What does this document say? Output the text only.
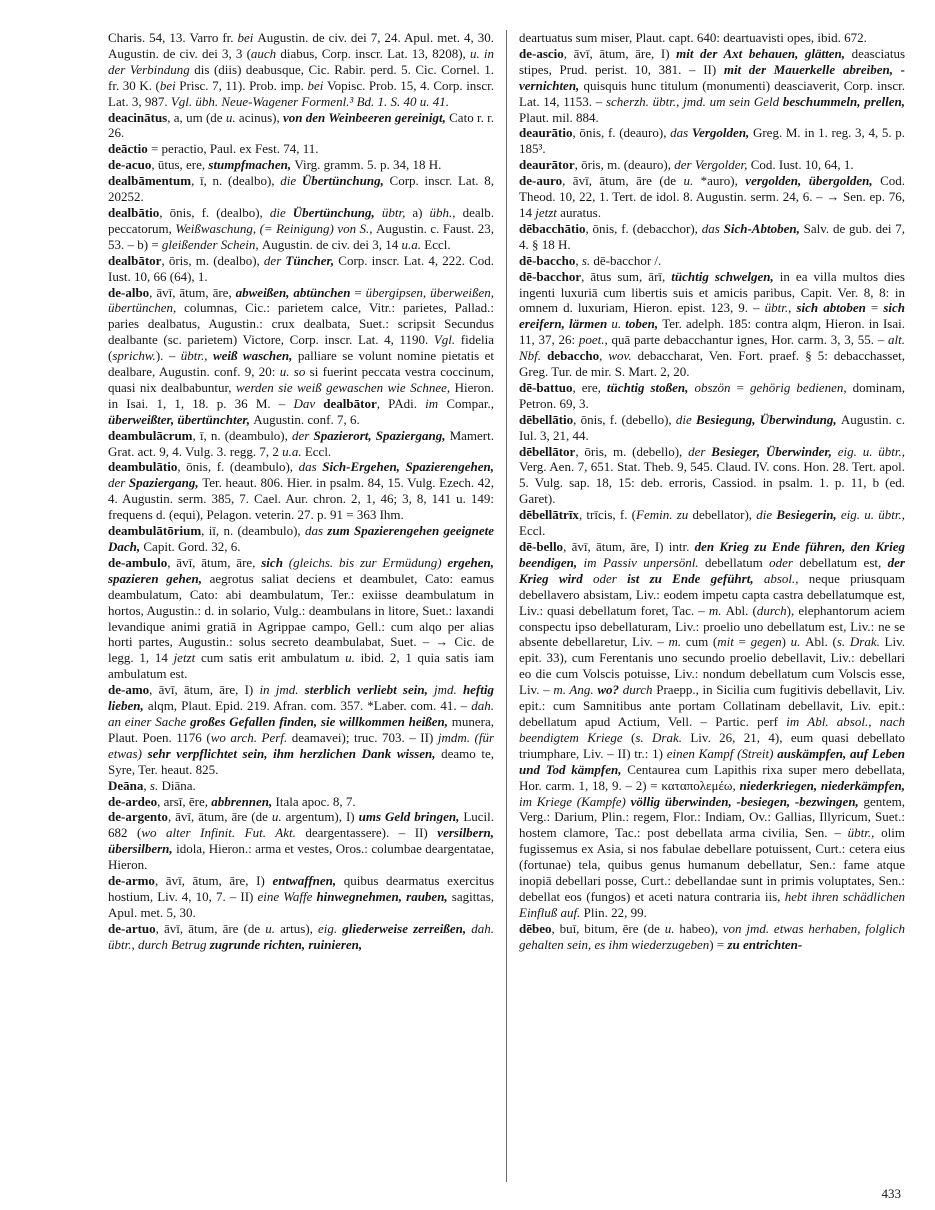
Charis. 54, 13. Varro fr. bei Augustin. de civ. dei 7, 24. Apul. met. 4, 30. Augustin. de civ. dei 3, 3 (auch diabus, Corp. inscr. Lat. 13, 8208), u. in der Verbindung dis (diis) deabusque, Cic. Rabir. perd. 5. Cic. Cornel. 1. fr. 30 K. (bei Prisc. 7, 11). Prob. imp. bei Vopisc. Prob. 15, 4. Corp. inscr. Lat. 3, 987. Vgl. übh. Neue-Wagener Formenl.³ Bd. 1. S. 40 u. 41.

deacinātus, a, um (de u. acinus), von den Weinbeeren gereinigt, Cato r. r. 26.

deāctio = peractio, Paul. ex Fest. 74, 11.

de-acuo, ūtus, ere, stumpfmachen, Virg. gramm. 5. p. 34, 18 H.

dealbāmentum, ī, n. (dealbo), die Übertünchung, Corp. inscr. Lat. 8, 20252.

dealbātio, ōnis, f. (dealbo), die Übertünchung, übtr, a) übh., dealb. peccatorum, Weißwaschung, (= Reinigung) von S., Augustin. c. Faust. 23, 53. – b) = gleißender Schein, Augustin. de civ. dei 3, 14 u.a. Eccl.

dealbātor, ōris, m. (dealbo), der Tüncher, Corp. inscr. Lat. 4, 222. Cod. Iust. 10, 66 (64), 1.

de-albo, āvī, ātum, āre, abweißen, abtünchen = übergipsen, überweißen, übertünchen, columnas, Cic.: parietem calce, Vitr.: parietes, Pallad.: paries dealbatus, Augustin.: crux dealbata, Suet.: scripsit Secundus dealbante (sc. parietem) Victore, Corp. inscr. Lat. 4, 1190. Vgl. fidelia (sprichw.). – übtr., weiß waschen, palliare se volunt nomine pietatis et dealbare, Augustin. conf. 9, 20: u. so si fuerint peccata vestra coccinum, quasi nix dealbabuntur, werden sie weiß gewaschen wie Schnee, Hieron. in Isai. 1, 1, 18. p. 36 M. – Dav dealbātor, PAdi. im Compar., überweißter, übertünchter, Augustin. conf. 7, 6.

deambulācrum, ī, n. (deambulo), der Spazierort, Spaziergang, Mamert. Grat. act. 9, 4. Vulg. 3. regg. 7, 2 u.a. Eccl.

deambulātio, ōnis, f. (deambulo), das Sich-Ergehen, Spazierengehen, der Spaziergang, Ter. heaut. 806. Hier. in psalm. 84, 15. Vulg. Ezech. 42, 4. Augustin. serm. 385, 7. Cael. Aur. chron. 2, 1, 46; 3, 8, 141 u. 149: frequens d. (equi), Pelagon. veterin. 27. p. 91 = 363 Ihm.

deambulātōrium, iī, n. (deambulo), das zum Spazierengehen geeignete Dach, Capit. Gord. 32, 6.

de-ambulo, āvī, ātum, āre, sich (gleichs. bis zur Ermüdung) ergehen, spazieren gehen, aegrotus saliat deciens et deambulet, Cato: eamus deambulatum, Cato: abi deambulatum, Ter.: exiisse deambulatum in hortos, Augustin.: d. in solario, Vulg.: deambulans in litore, Suet.: laxandi levandique animi gratiā in Agrippae campo, Gell.: cum alqo per alias horti partes, Augustin.: solus secreto deambulabat, Suet. – → Cic. de legg. 1, 14 jetzt cum satis erit ambulatum u. ibid. 2, 1 quia satis iam ambulatum est.

de-amo, āvī, ātum, āre, I) in jmd. sterblich verliebt sein, jmd. heftig lieben, alqm, Plaut. Epid. 219. Afran. com. 357. *Laber. com. 41. – dah. an einer Sache großes Gefallen finden, sie willkommen heißen, munera, Plaut. Poen. 1176 (wo arch. Perf. deamavei); truc. 703. – II) jmdm. (für etwas) sehr verpflichtet sein, ihm herzlichen Dank wissen, deamo te, Syre, Ter. heaut. 825.

Deāna, s. Diāna.

de-ardeo, arsī, ēre, abbrennen, Itala apoc. 8, 7.

de-argento, āvī, ātum, āre (de u. argentum), I) ums Geld bringen, Lucil. 682 (wo alter Infinit. Fut. Akt. deargentassere). – II) versilbern, übersilbern, idola, Hieron.: arma et vestes, Oros.: columbae deargentatae, Hieron.

de-armo, āvī, ātum, āre, I) entwaffnen, quibus dearmatus exercitus hostium, Liv. 4, 10, 7. – II) eine Waffe hinwegnehmen, rauben, sagittas, Apul. met. 5, 30.

de-artuo, āvī, ātum, āre (de u. artus), eig. gliederweise zerreißen, dah. übtr., durch Betrug zugrunde richten, ruinieren,

deartuatus sum miser, Plaut. capt. 640: deartuavisti opes, ibid. 672.

de-ascio, āvī, ātum, āre, I) mit der Axt behauen, glätten, deasciatus stipes, Prud. perist. 10, 381. – II) mit der Mauerkelle abreiben, -vernichten, quisquis hunc titulum (monumenti) deasciaverit, Corp. inscr. Lat. 14, 1153. – scherzh. übtr., jmd. um sein Geld beschummeln, prellen, Plaut. mil. 884.

deaurātio, ōnis, f. (deauro), das Vergolden, Greg. M. in 1. reg. 3, 4, 5. p. 185³.

deaurātor, ōris, m. (deauro), der Vergolder, Cod. Iust. 10, 64, 1.

de-auro, āvī, ātum, āre (de u. *auro), vergolden, übergolden, Cod. Theod. 10, 22, 1. Tert. de idol. 8. Augustin. serm. 24, 6. – → Sen. ep. 76, 14 jetzt auratus.

dēbacchātio, ōnis, f. (debacchor), das Sich-Abtoben, Salv. de gub. dei 7, 4. § 18 H.

dē-baccho, s. dē-bacchor /.

dē-bacchor, ātus sum, ārī, tüchtig schwelgen, in ea villa multos dies ingenti luxuriā cum libertis suis et amicis paribus, Capit. Ver. 8, 8: in omnem d. luxuriam, Hieron. epist. 123, 9. – übtr., sich abtoben = sich ereifern, lärmen u. toben, Ter. adelph. 185: contra alqm, Hieron. in Isai. 11, 37, 26: poet., quā parte debacchantur ignes, Hor. carm. 3, 3, 55. – alt. Nbf. debaccho, wov. debaccharat, Ven. Fort. praef. § 5: debacchasset, Greg. Tur. de mir. S. Mart. 2, 20.

dē-battuo, ere, tüchtig stoßen, obszön = gehörig bedienen, dominam, Petron. 69, 3.

dēbellātio, ōnis, f. (debello), die Besiegung, Überwindung, Augustin. c. Iul. 3, 21, 44.

dēbellātor, ōris, m. (debello), der Besieger, Überwinder, eig. u. übtr., Verg. Aen. 7, 651. Stat. Theb. 9, 545. Claud. IV. cons. Hon. 28. Tert. apol. 5. Vulg. sap. 18, 15: deb. erroris, Cassiod. in psalm. 1. p. 11, b (ed. Garet).

dēbellātrīx, trīcis, f. (Femin. zu debellator), die Besiegerin, eig. u. übtr., Eccl.

dē-bello, āvī, ātum, āre, I) intr. den Krieg zu Ende führen, den Krieg beendigen, im Passiv unpersönl. debellatum oder debellatum est, der Krieg wird oder ist zu Ende geführt, absol., neque priusquam debellavero absistam, Liv.: eodem impetu capta castra debellatumque est, Liv.: quasi debellatum foret, Tac. – m. Abl. (durch), elephantorum aciem conspectu ipso debellaturam, Liv.: proelio uno debellatum est, Liv.: ne se absente debellaretur, Liv. – m. cum (mit = gegen) u. Abl. (s. Drak. Liv. epit. 33), cum Ferentanis uno secundo proelio debellavit, Liv.: debellari eo die cum Volscis potuisse, Liv.: nondum debellatum cum Volscis esse, Liv. – m. Ang. wo? durch Praepp., in Sicilia cum fugitivis debellavit, Liv. epit.: cum Samnitibus ante portam Collatinam debellavit, Liv. epit.: debellatum apud Actium, Vell. – Partic. perf im Abl. absol., nach beendigtem Kriege (s. Drak. Liv. 26, 21, 4), eum quasi debellato triumphare, Liv. – II) tr.: 1) einen Kampf (Streit) auskämpfen, auf Leben und Tod kämpfen, Centaurea cum Lapithis rixa super mero debellata, Hor. carm. 1, 18, 9. – 2) = καταπολεμέω, niederkriegen, niederkämpfen, im Kriege (Kampfe) völlig überwinden, -besiegen, -bezwingen, gentem, Verg.: Darium, Plin.: regem, Flor.: Indiam, Ov.: Gallias, Illyricum, Suet.: hostem clamore, Tac.: post debellata arma civilia, Sen. – übtr., olim fugissemus ex Asia, si nos fabulae debellare potuissent, Curt.: cetera eius (fortunae) tela, quibus genus humanum debellatur, Sen.: fame atque inopiā debellari posse, Curt.: debellandae sunt in primis voluptates, Sen.: debellat eos (fungos) et aceti natura contraria iis, hebt ihren schädlichen Einfluß auf. Plin. 22, 99.

dēbeo, buī, bitum, ēre (de u. habeo), von jmd. etwas herhaben, folglich gehalten sein, es ihm wiederzugeben) = zu entrichten-

433
